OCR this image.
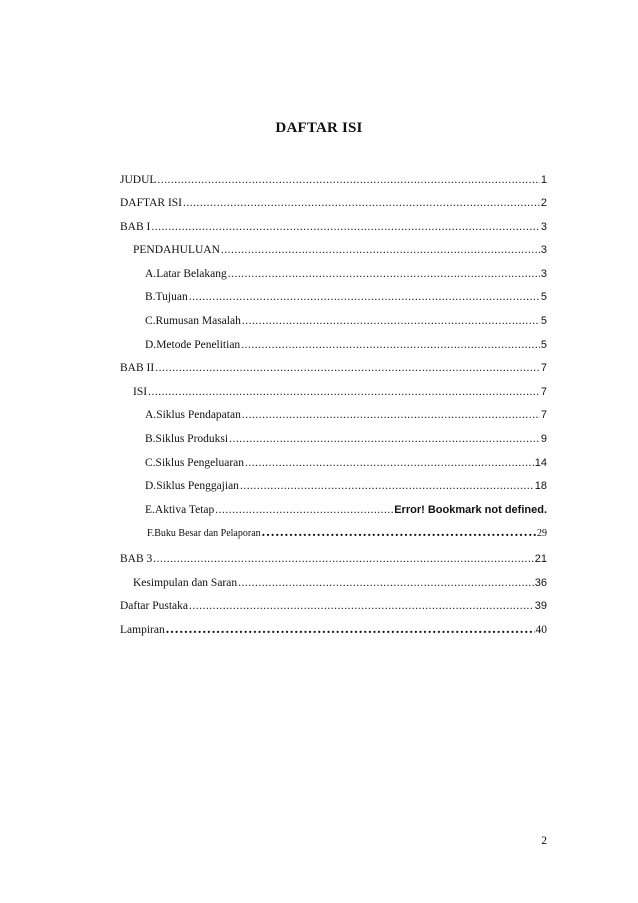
DAFTAR ISI
JUDUL .....	1
DAFTAR ISI .....	2
BAB I .....	3
PENDAHULUAN .....	3
A. Latar Belakang .....	3
B. Tujuan .....	5
C. Rumusan Masalah .....	5
D. Metode Penelitian .....	5
BAB II .....	7
ISI .....	7
A. Siklus Pendapatan .....	7
B. Siklus Produksi .....	9
C. Siklus Pengeluaran .....	14
D. Siklus Penggajian .....	18
E. Aktiva Tetap .....	Error! Bookmark not defined.
F. Buku Besar dan Pelaporan .....	29
BAB 3 .....	21
Kesimpulan dan Saran .....	36
Daftar Pustaka .....	39
Lampiran .....	40
2
